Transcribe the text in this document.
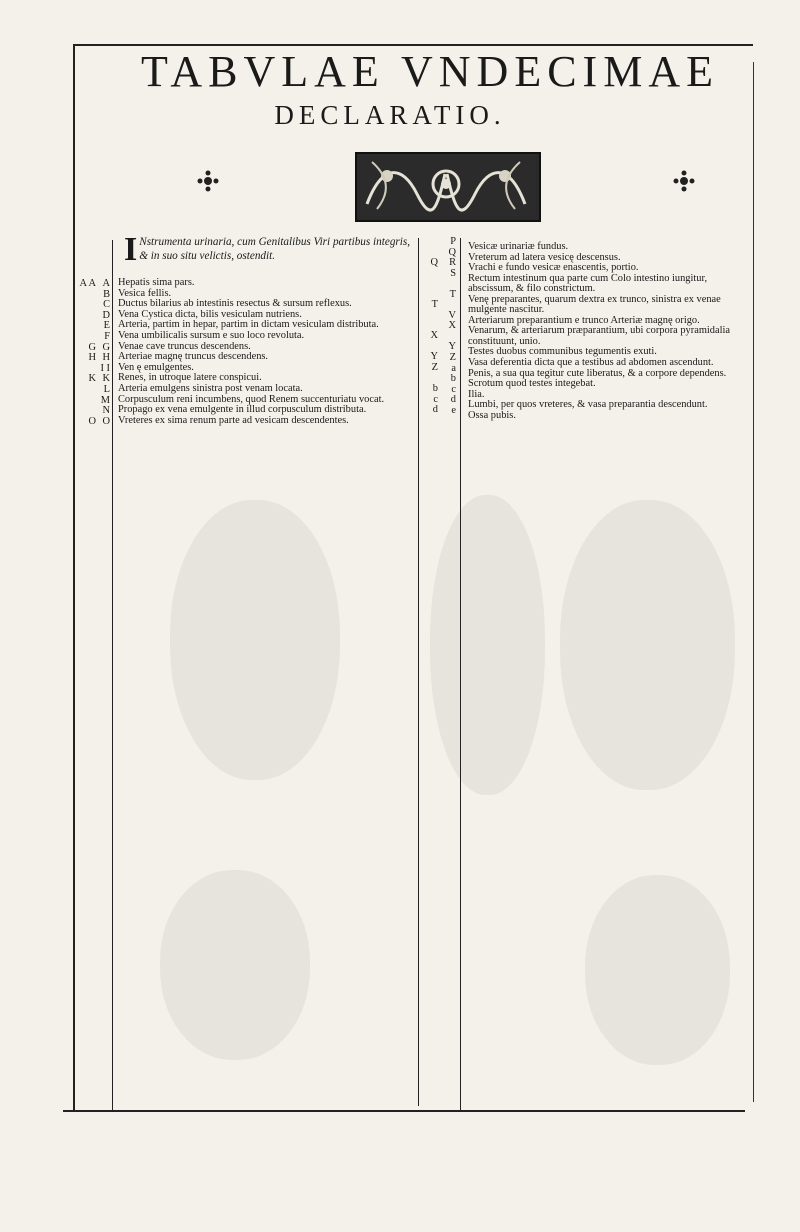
TABVLAE VNDECIMAE
DECLARATIO.
I Nstrumenta urinaria, cum Genitalibus Viri partibus integris, & in suo situ velictis, ostendit.
A A
G
H
K
O
A
B
C
D
E
F
G
H
I I
K
L
M
N
O
Hepatis sima pars.
Vesica fellis.
Ductus bilarius ab intestinis resectus & sursum reflexus.
Vena Cystica dicta, bilis vesiculam nutriens.
Arteria, partim in hepar, partim in dictam vesiculam distributa.
Vena umbilicalis sursum e suo loco revoluta.
Venae cave truncus descendens.
Arteriae magnę truncus descendens.
Ven ę emulgentes.
Renes, in utroque latere conspicui.
Arteria emulgens sinistra post venam locata.
Corpusculum reni incumbens, quod Renem succenturiatu vocat.
Propago ex vena emulgente in illud corpusculum distributa.
Vreteres ex sima renum parte ad vesicam descendentes.
Q
T
X
Y
Z
b
c
d
P
Q
R
S
T
V
X
Y
Z
a
b
c
d
e
Vesicæ urinariæ fundus.
Vreterum ad latera vesicę descensus.
Vrachi e fundo vesicæ enascentis, portio.
Rectum intestinum qua parte cum Colo intestino iungitur, abscissum, & filo constrictum.
Venę preparantes, quarum dextra ex trunco, sinistra ex venae mulgente nascitur.
Arteriarum preparantium e trunco Arteriæ magnę origo.
Venarum, & arteriarum præparantium, ubi corpora pyramidalia constituunt, unio.
Testes duobus communibus tegumentis exuti.
Vasa deferentia dicta que a testibus ad abdomen ascendunt.
Penis, a sua qua tegitur cute liberatus, & a corpore dependens.
Scrotum quod testes integebat.
Ilia.
Lumbi, per quos vreteres, & vasa preparantia descendunt.
Ossa pubis.
